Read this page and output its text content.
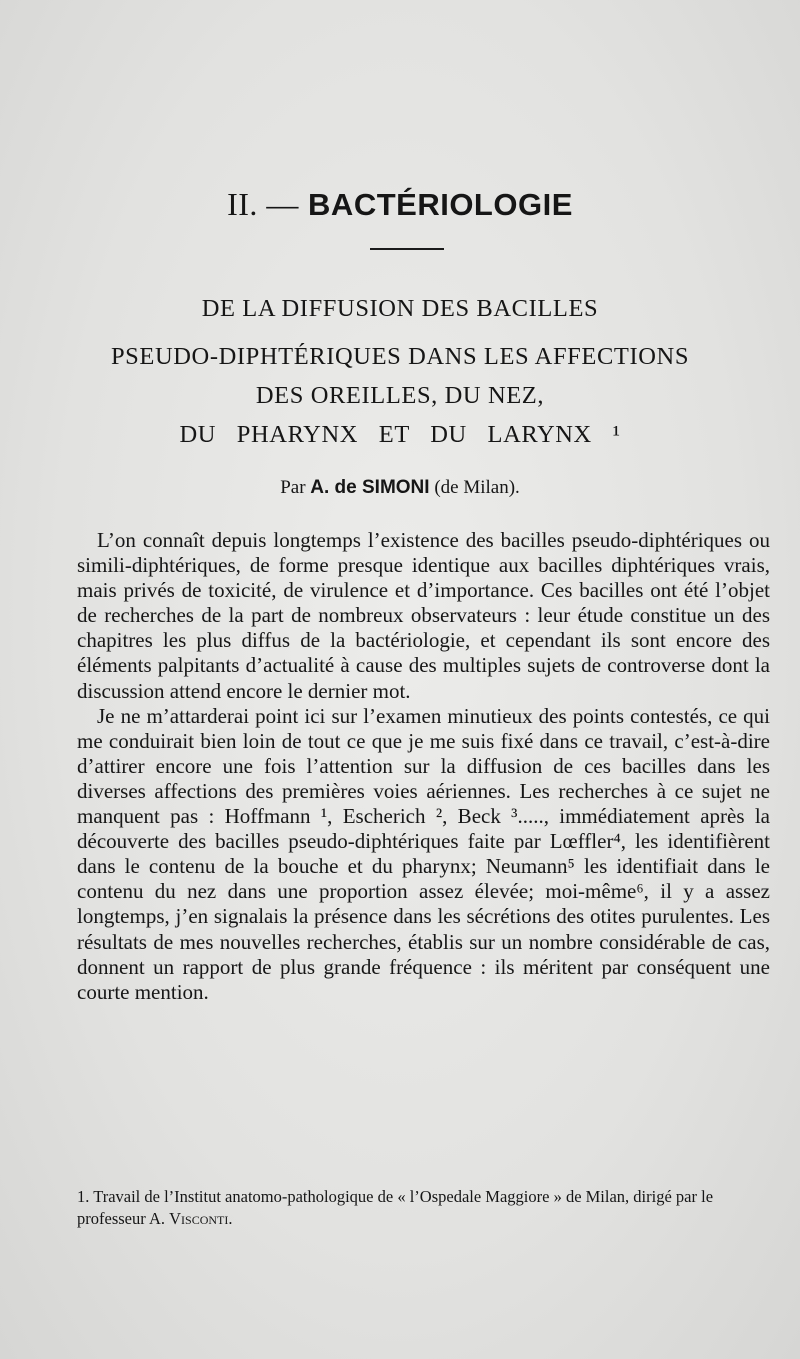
II. — BACTÉRIOLOGIE
DE LA DIFFUSION DES BACILLES
PSEUDO-DIPHTÉRIQUES DANS LES AFFECTIONS
DES OREILLES, DU NEZ,
DU PHARYNX ET DU LARYNX ¹
Par A. de SIMONI (de Milan).

L’on connaît depuis longtemps l’existence des bacilles pseudo-diphtériques ou simili-diphtériques, de forme presque identique aux bacilles diphtériques vrais, mais privés de toxicité, de virulence et d’importance. Ces bacilles ont été l’objet de recherches de la part de nombreux observateurs : leur étude constitue un des chapitres les plus diffus de la bactériologie, et cependant ils sont encore des éléments palpitants d’actualité à cause des multiples sujets de controverse dont la discussion attend encore le dernier mot.

Je ne m’attarderai point ici sur l’examen minutieux des points contestés, ce qui me conduirait bien loin de tout ce que je me suis fixé dans ce travail, c’est-à-dire d’attirer encore une fois l’attention sur la diffusion de ces bacilles dans les diverses affections des premières voies aériennes. Les recherches à ce sujet ne manquent pas : Hoffmann ¹, Escherich ², Beck ³....., immédiatement après la découverte des bacilles pseudo-diphtériques faite par Lœffler⁴, les identifièrent dans le contenu de la bouche et du pharynx; Neumann⁵ les identifiait dans le contenu du nez dans une proportion assez élevée; moi-même⁶, il y a assez longtemps, j’en signalais la présence dans les sécrétions des otites purulentes. Les résultats de mes nouvelles recherches, établis sur un nombre considérable de cas, donnent un rapport de plus grande fréquence : ils méritent par conséquent une courte mention.

1. Travail de l’Institut anatomo-pathologique de « l’Ospedale Maggiore » de Milan, dirigé par le professeur A. Visconti.
